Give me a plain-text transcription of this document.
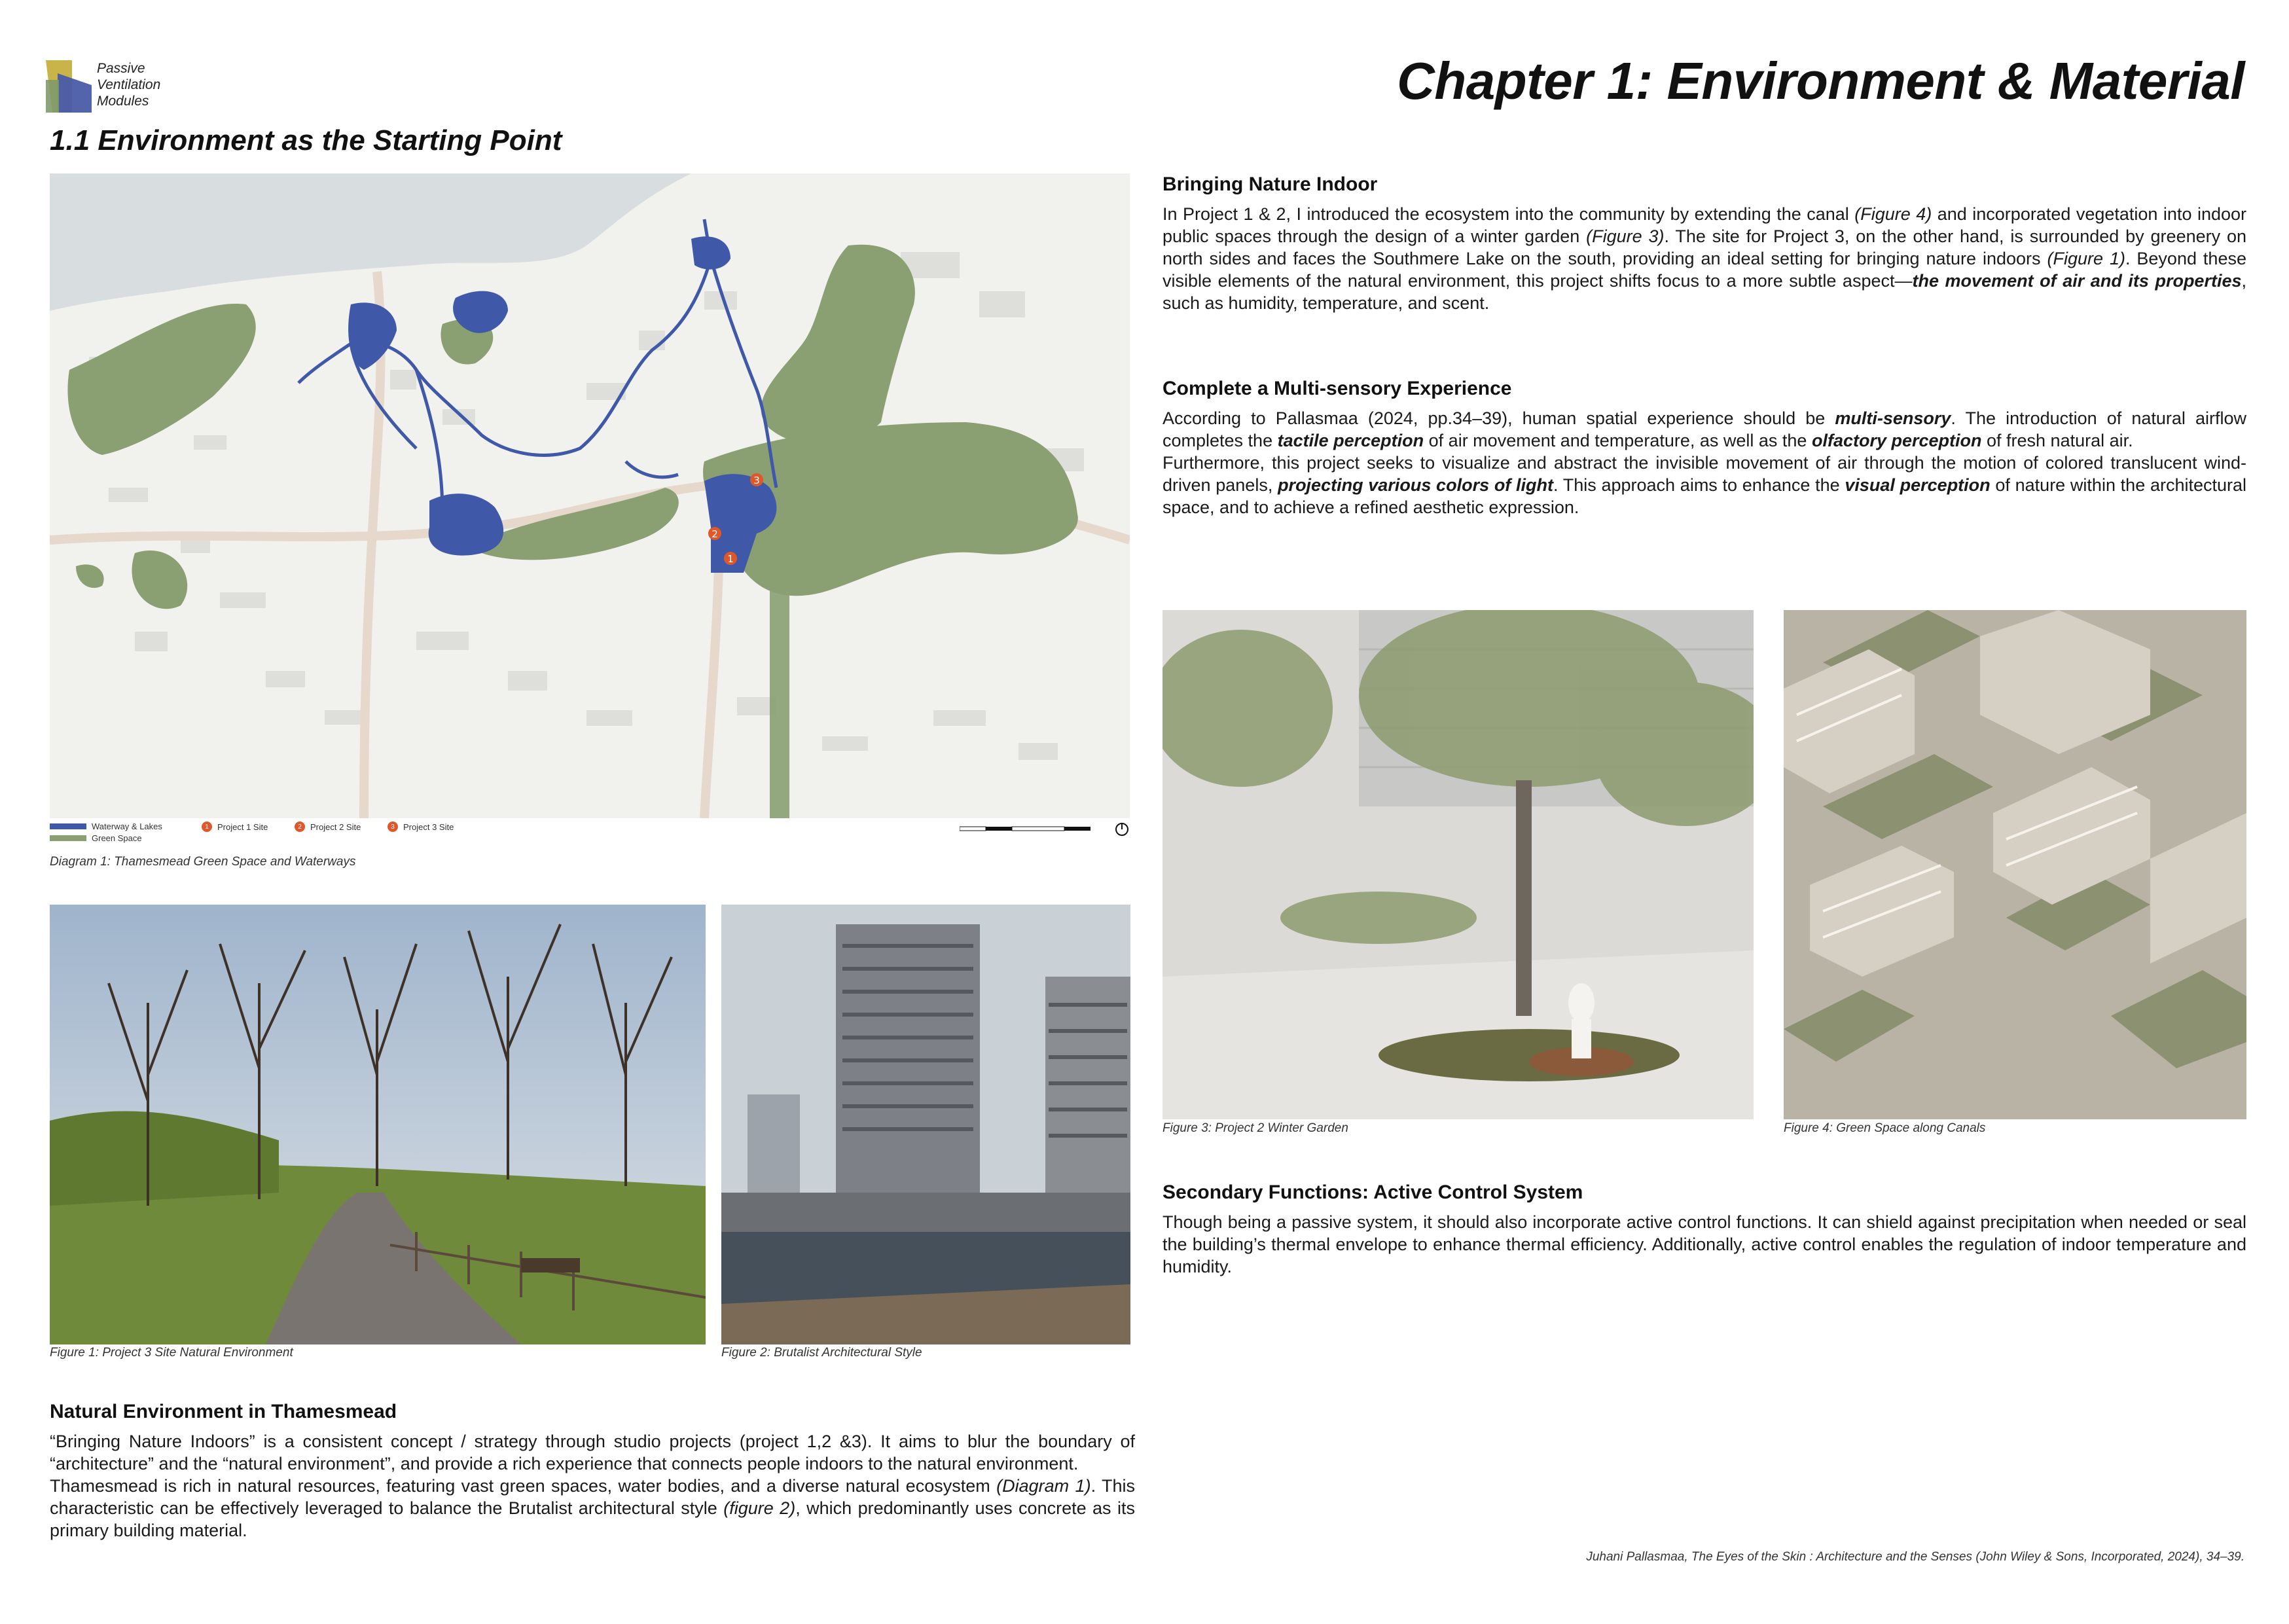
Passive
Ventilation
Modules	Chapter 1: Environment & Material
1.1 Environment as the Starting Point
3
2
1
Waterway & Lakes
Green Space
1	Project 1 Site	2	Project 2 Site	3	Project 3 Site
Diagram 1: Thamesmead Green Space and Waterways
Figure 1: Project 3 Site Natural Environment	Figure 2: Brutalist Architectural Style
Figure 3: Project 2 Winter Garden	Figure 4: Green Space along Canals
Bringing Nature Indoor

In Project 1 & 2, I introduced the ecosystem into the community by extending the canal (Figure 4) and incorporated vegetation into indoor public spaces through the design of a winter garden (Figure 3). The site for Project 3, on the other hand, is surrounded by greenery on north sides and faces the Southmere Lake on the south, providing an ideal setting for bringing nature indoors (Figure 1). Beyond these visible elements of the natural environment, this project shifts focus to a more subtle aspect—the movement of air and its properties, such as humidity, temperature, and scent.

Complete a Multi-sensory Experience

According to Pallasmaa (2024, pp.34–39), human spatial experience should be multi-sensory. The introduction of natural airflow completes the tactile perception of air movement and temperature, as well as the olfactory perception of fresh natural air.

Furthermore, this project seeks to visualize and abstract the invisible movement of air through the motion of colored translucent wind-driven panels, projecting various colors of light. This approach aims to enhance the visual perception of nature within the architectural space, and to achieve a refined aesthetic expression.

Secondary Functions: Active Control System

Though being a passive system, it should also incorporate active control functions. It can shield against precipitation when needed or seal the building’s thermal envelope to enhance thermal efficiency. Additionally, active control enables the regulation of indoor temperature and humidity.

Natural Environment in Thamesmead

“Bringing Nature Indoors” is a consistent concept / strategy through studio projects (project 1,2 &3). It aims to blur the boundary of “architecture” and the “natural environment”, and provide a rich experience that connects people indoors to the natural environment.

Thamesmead is rich in natural resources, featuring vast green spaces, water bodies, and a diverse natural ecosystem (Diagram 1). This characteristic can be effectively leveraged to balance the Brutalist architectural style (figure 2), which predominantly uses concrete as its primary building material.

Juhani Pallasmaa, The Eyes of the Skin : Architecture and the Senses (John Wiley & Sons, Incorporated, 2024), 34–39.
